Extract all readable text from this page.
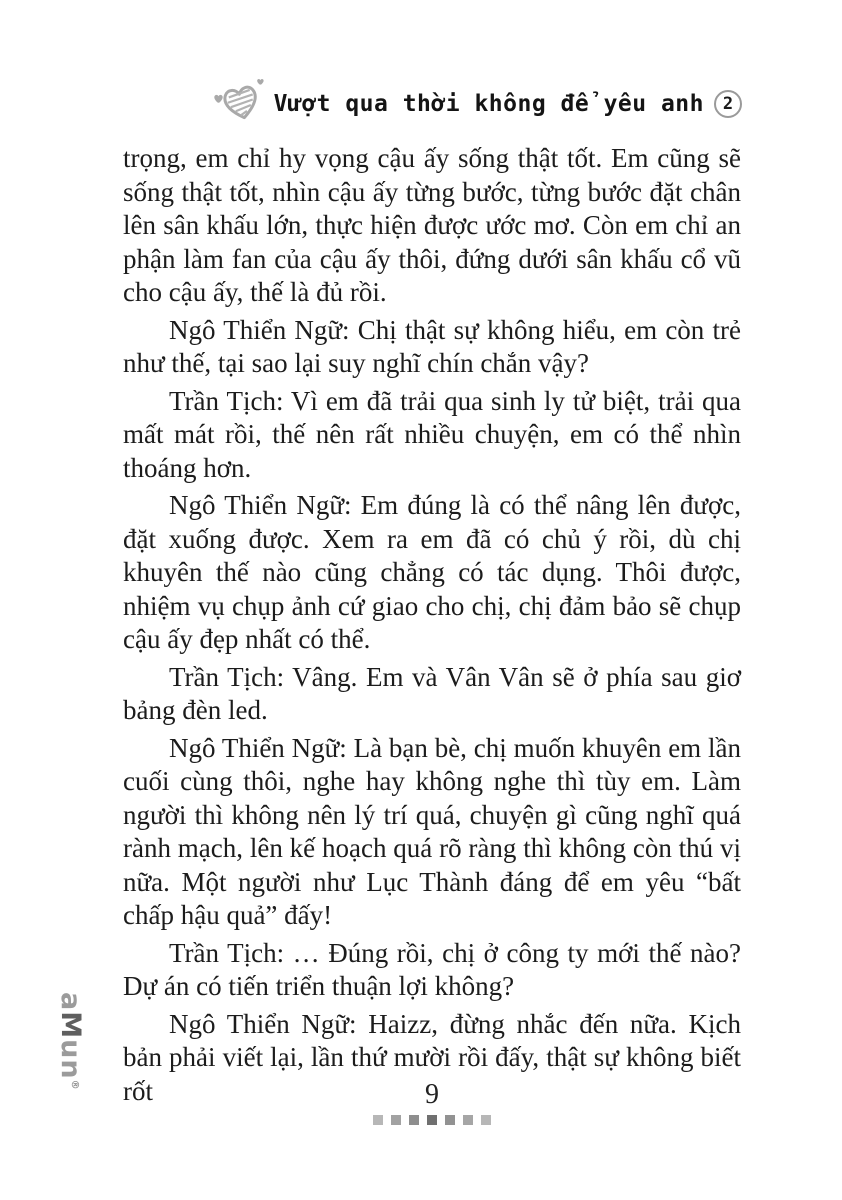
Vượt qua thời không để yêu anh	2

trọng, em chỉ hy vọng cậu ấy sống thật tốt. Em cũng sẽ sống thật tốt, nhìn cậu ấy từng bước, từng bước đặt chân lên sân khấu lớn, thực hiện được ước mơ. Còn em chỉ an phận làm fan của cậu ấy thôi, đứng dưới sân khấu cổ vũ cho cậu ấy, thế là đủ rồi.

Ngô Thiển Ngữ: Chị thật sự không hiểu, em còn trẻ như thế, tại sao lại suy nghĩ chín chắn vậy?

Trần Tịch: Vì em đã trải qua sinh ly tử biệt, trải qua mất mát rồi, thế nên rất nhiều chuyện, em có thể nhìn thoáng hơn.

Ngô Thiển Ngữ: Em đúng là có thể nâng lên được, đặt xuống được. Xem ra em đã có chủ ý rồi, dù chị khuyên thế nào cũng chẳng có tác dụng. Thôi được, nhiệm vụ chụp ảnh cứ giao cho chị, chị đảm bảo sẽ chụp cậu ấy đẹp nhất có thể.

Trần Tịch: Vâng. Em và Vân Vân sẽ ở phía sau giơ bảng đèn led.

Ngô Thiển Ngữ: Là bạn bè, chị muốn khuyên em lần cuối cùng thôi, nghe hay không nghe thì tùy em. Làm người thì không nên lý trí quá, chuyện gì cũng nghĩ quá rành mạch, lên kế hoạch quá rõ ràng thì không còn thú vị nữa. Một người như Lục Thành đáng để em yêu “bất chấp hậu quả” đấy!

Trần Tịch: … Đúng rồi, chị ở công ty mới thế nào? Dự án có tiến triển thuận lợi không?

Ngô Thiển Ngữ: Haizz, đừng nhắc đến nữa. Kịch bản phải viết lại, lần thứ mười rồi đấy, thật sự không biết rốt

aMun®	9
